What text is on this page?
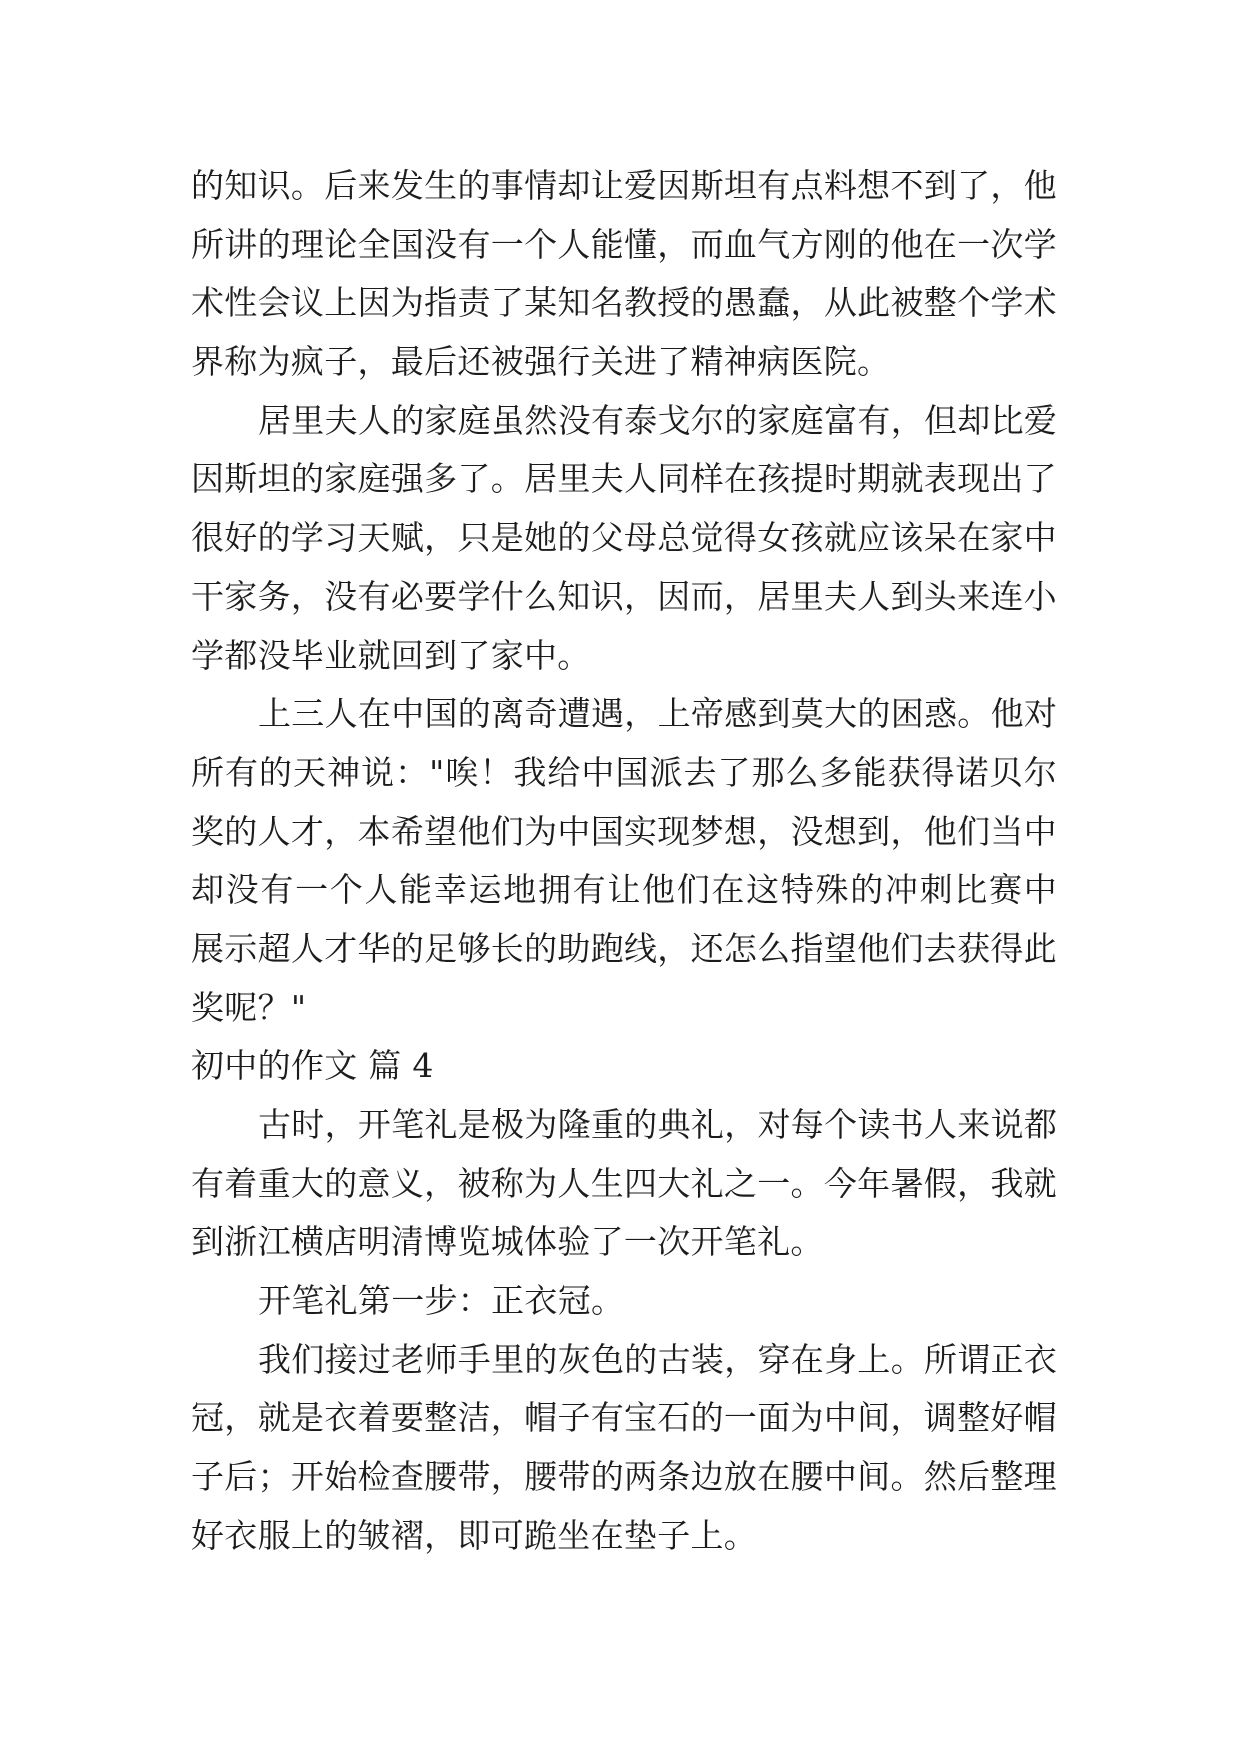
的知识。后来发生的事情却让爱因斯坦有点料想不到了，他
所讲的理论全国没有一个人能懂，而血气方刚的他在一次学
术性会议上因为指责了某知名教授的愚蠢，从此被整个学术
界称为疯子，最后还被强行关进了精神病医院。
居里夫人的家庭虽然没有泰戈尔的家庭富有，但却比爱
因斯坦的家庭强多了。居里夫人同样在孩提时期就表现出了
很好的学习天赋，只是她的父母总觉得女孩就应该呆在家中
干家务，没有必要学什么知识，因而，居里夫人到头来连小
学都没毕业就回到了家中。
上三人在中国的离奇遭遇，上帝感到莫大的困惑。他对
所有的天神说："唉！我给中国派去了那么多能获得诺贝尔
奖的人才，本希望他们为中国实现梦想，没想到，他们当中
却没有一个人能幸运地拥有让他们在这特殊的冲刺比赛中
展示超人才华的足够长的助跑线，还怎么指望他们去获得此
奖呢？"
初中的作文 篇 4
古时，开笔礼是极为隆重的典礼，对每个读书人来说都
有着重大的意义，被称为人生四大礼之一。今年暑假，我就
到浙江横店明清博览城体验了一次开笔礼。
开笔礼第一步：正衣冠。
我们接过老师手里的灰色的古装，穿在身上。所谓正衣
冠，就是衣着要整洁，帽子有宝石的一面为中间，调整好帽
子后；开始检查腰带，腰带的两条边放在腰中间。然后整理
好衣服上的皱褶，即可跪坐在垫子上。
